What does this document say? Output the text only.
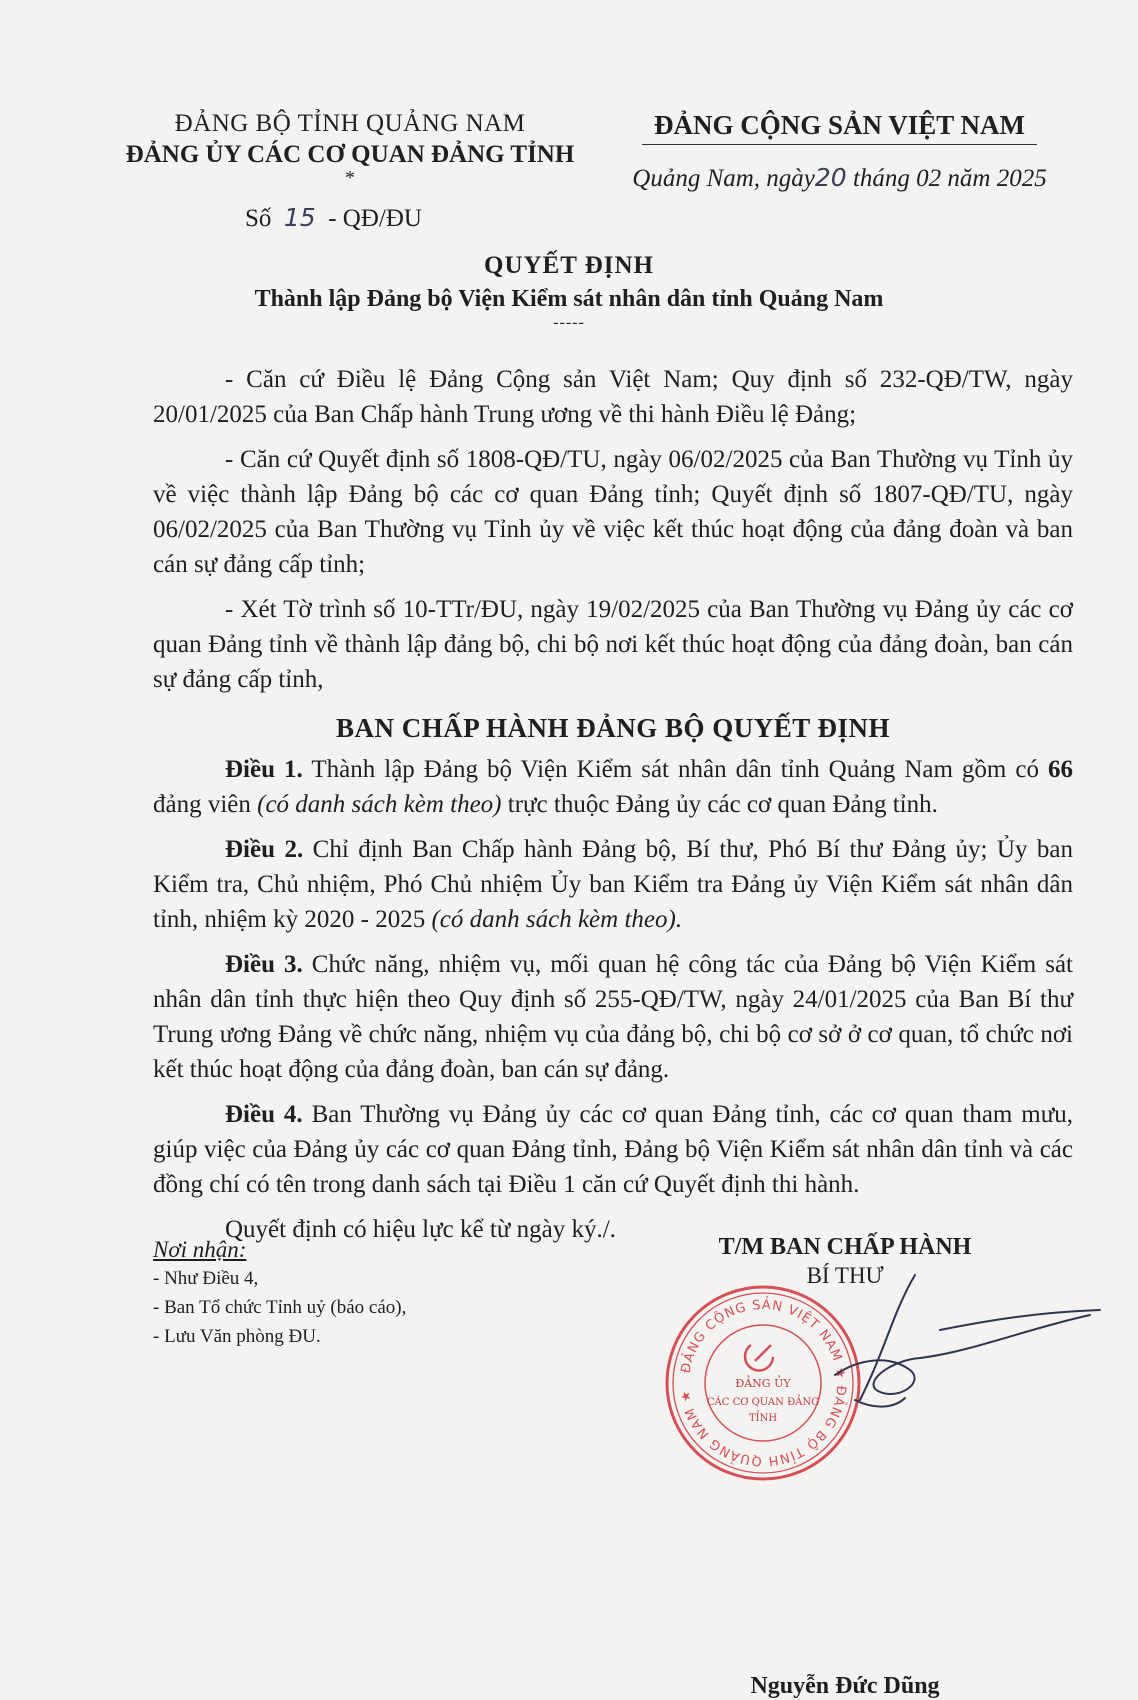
ĐẢNG BỘ TỈNH QUẢNG NAM
ĐẢNG ỦY CÁC CƠ QUAN ĐẢNG TỈNH
*
ĐẢNG CỘNG SẢN VIỆT NAM
Quảng Nam, ngày20 tháng 02 năm 2025
Số 15 - QĐ/ĐU
QUYẾT ĐỊNH
Thành lập Đảng bộ Viện Kiểm sát nhân dân tỉnh Quảng Nam
-----

- Căn cứ Điều lệ Đảng Cộng sản Việt Nam; Quy định số 232-QĐ/TW, ngày 20/01/2025 của Ban Chấp hành Trung ương về thi hành Điều lệ Đảng;

- Căn cứ Quyết định số 1808-QĐ/TU, ngày 06/02/2025 của Ban Thường vụ Tỉnh ủy về việc thành lập Đảng bộ các cơ quan Đảng tỉnh; Quyết định số 1807-QĐ/TU, ngày 06/02/2025 của Ban Thường vụ Tỉnh ủy về việc kết thúc hoạt động của đảng đoàn và ban cán sự đảng cấp tỉnh;

- Xét Tờ trình số 10-TTr/ĐU, ngày 19/02/2025 của Ban Thường vụ Đảng ủy các cơ quan Đảng tỉnh về thành lập đảng bộ, chi bộ nơi kết thúc hoạt động của đảng đoàn, ban cán sự đảng cấp tỉnh,

BAN CHẤP HÀNH ĐẢNG BỘ QUYẾT ĐỊNH

Điều 1. Thành lập Đảng bộ Viện Kiểm sát nhân dân tỉnh Quảng Nam gồm có 66 đảng viên (có danh sách kèm theo) trực thuộc Đảng ủy các cơ quan Đảng tỉnh.

Điều 2. Chỉ định Ban Chấp hành Đảng bộ, Bí thư, Phó Bí thư Đảng ủy; Ủy ban Kiểm tra, Chủ nhiệm, Phó Chủ nhiệm Ủy ban Kiểm tra Đảng ủy Viện Kiểm sát nhân dân tỉnh, nhiệm kỳ 2020 - 2025 (có danh sách kèm theo).

Điều 3. Chức năng, nhiệm vụ, mối quan hệ công tác của Đảng bộ Viện Kiểm sát nhân dân tỉnh thực hiện theo Quy định số 255-QĐ/TW, ngày 24/01/2025 của Ban Bí thư Trung ương Đảng về chức năng, nhiệm vụ của đảng bộ, chi bộ cơ sở ở cơ quan, tổ chức nơi kết thúc hoạt động của đảng đoàn, ban cán sự đảng.

Điều 4. Ban Thường vụ Đảng ủy các cơ quan Đảng tỉnh, các cơ quan tham mưu, giúp việc của Đảng ủy các cơ quan Đảng tỉnh, Đảng bộ Viện Kiểm sát nhân dân tỉnh và các đồng chí có tên trong danh sách tại Điều 1 căn cứ Quyết định thi hành.

Quyết định có hiệu lực kể từ ngày ký./.

Nơi nhận:
- Như Điều 4,
- Ban Tổ chức Tỉnh uỷ (báo cáo),
- Lưu Văn phòng ĐU.
ĐẢNG CỘNG SẢN VIỆT NAM ★ ĐẢNG BỘ TỈNH QUẢNG NAM ★
ĐẢNG ỦY
CÁC CƠ QUAN ĐẢNG
TỈNH
T/M BAN CHẤP HÀNH
BÍ THƯ
Nguyễn Đức Dũng
